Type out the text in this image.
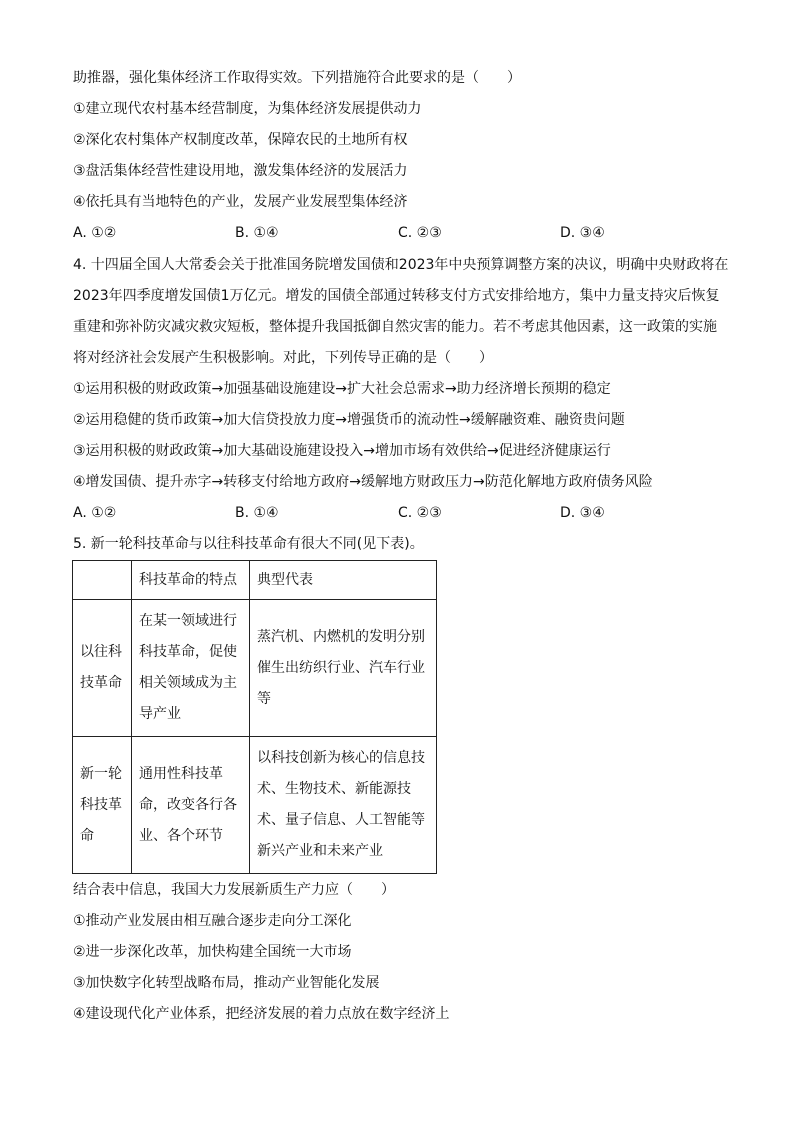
助推器，强化集体经济工作取得实效。下列措施符合此要求的是（　　）
①建立现代农村基本经营制度，为集体经济发展提供动力
②深化农村集体产权制度改革，保障农民的土地所有权
③盘活集体经营性建设用地，激发集体经济的发展活力
④依托具有当地特色的产业，发展产业发展型集体经济
A. ①②	B. ①④	C. ②③	D. ③④
4. 十四届全国人大常委会关于批准国务院增发国债和2023年中央预算调整方案的决议，明确中央财政将在
2023年四季度增发国债1万亿元。增发的国债全部通过转移支付方式安排给地方，集中力量支持灾后恢复
重建和弥补防灾减灾救灾短板，整体提升我国抵御自然灾害的能力。若不考虑其他因素，这一政策的实施
将对经济社会发展产生积极影响。对此，下列传导正确的是（　　）
①运用积极的财政政策→加强基础设施建设→扩大社会总需求→助力经济增长预期的稳定
②运用稳健的货币政策→加大信贷投放力度→增强货币的流动性→缓解融资难、融资贵问题
③运用积极的财政政策→加大基础设施建设投入→增加市场有效供给→促进经济健康运行
④增发国债、提升赤字→转移支付给地方政府→缓解地方财政压力→防范化解地方政府债务风险
A. ①②	B. ①④	C. ②③	D. ③④
5. 新一轮科技革命与以往科技革命有很大不同(见下表)。
	科技革命的特点	典型代表
以往科技革命	在某一领域进行科技革命，促使相关领域成为主导产业	蒸汽机、内燃机的发明分别催生出纺织行业、汽车行业等
新一轮科技革命	通用性科技革命，改变各行各业、各个环节	以科技创新为核心的信息技术、生物技术、新能源技术、量子信息、人工智能等新兴产业和未来产业
结合表中信息，我国大力发展新质生产力应（　　）
①推动产业发展由相互融合逐步走向分工深化
②进一步深化改革，加快构建全国统一大市场
③加快数字化转型战略布局，推动产业智能化发展
④建设现代化产业体系，把经济发展的着力点放在数字经济上
